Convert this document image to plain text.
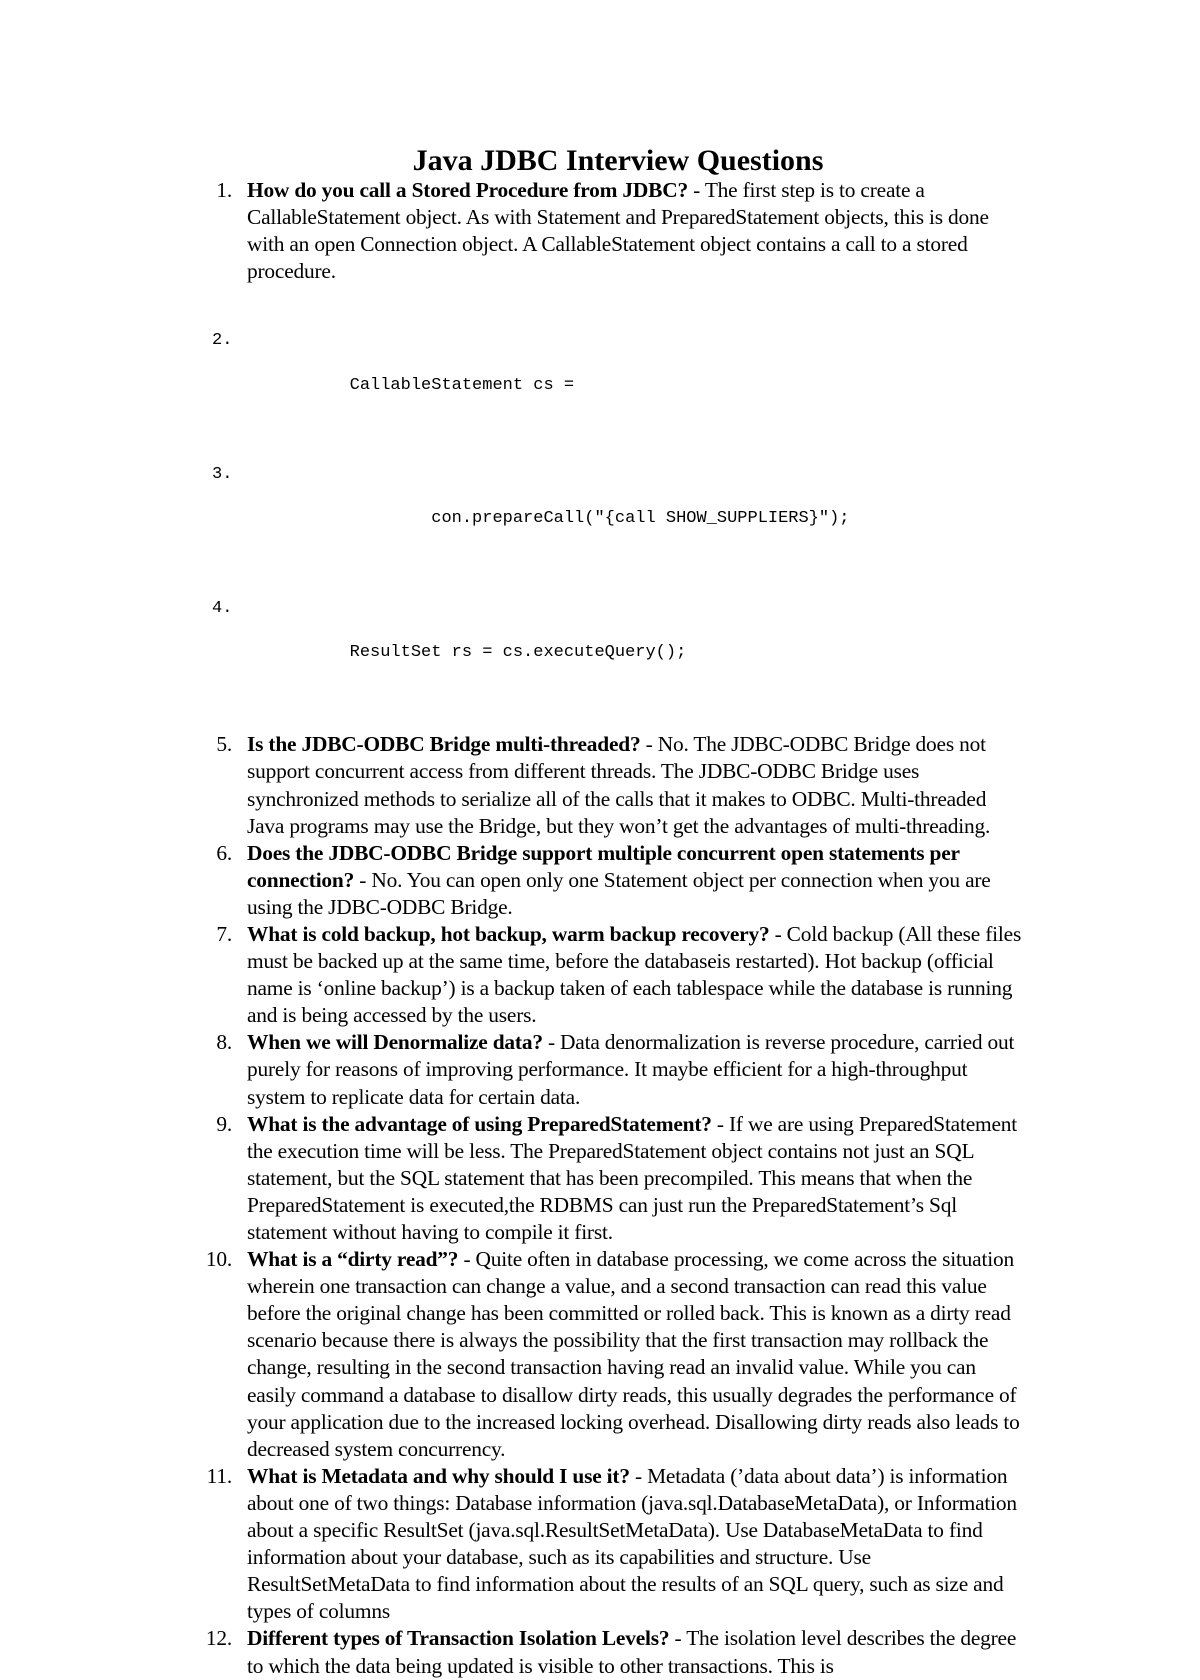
Java JDBC Interview Questions
1. How do you call a Stored Procedure from JDBC? - The first step is to create a CallableStatement object. As with Statement and PreparedStatement objects, this is done with an open Connection object. A CallableStatement object contains a call to a stored procedure.

2.

CallableStatement cs =

3.

con.prepareCall("{call SHOW_SUPPLIERS}");

4.

ResultSet rs = cs.executeQuery();

5. Is the JDBC-ODBC Bridge multi-threaded? - No. The JDBC-ODBC Bridge does not support concurrent access from different threads. The JDBC-ODBC Bridge uses synchronized methods to serialize all of the calls that it makes to ODBC. Multi-threaded Java programs may use the Bridge, but they won’t get the advantages of multi-threading.
6. Does the JDBC-ODBC Bridge support multiple concurrent open statements per connection? - No. You can open only one Statement object per connection when you are using the JDBC-ODBC Bridge.
7. What is cold backup, hot backup, warm backup recovery? - Cold backup (All these files must be backed up at the same time, before the databaseis restarted). Hot backup (official name is ‘online backup’) is a backup taken of each tablespace while the database is running and is being accessed by the users.
8. When we will Denormalize data? - Data denormalization is reverse procedure, carried out purely for reasons of improving performance. It maybe efficient for a high-throughput system to replicate data for certain data.
9. What is the advantage of using PreparedStatement? - If we are using PreparedStatement the execution time will be less. The PreparedStatement object contains not just an SQL statement, but the SQL statement that has been precompiled. This means that when the PreparedStatement is executed,the RDBMS can just run the PreparedStatement’s Sql statement without having to compile it first.
10. What is a “dirty read”? - Quite often in database processing, we come across the situation wherein one transaction can change a value, and a second transaction can read this value before the original change has been committed or rolled back. This is known as a dirty read scenario because there is always the possibility that the first transaction may rollback the change, resulting in the second transaction having read an invalid value. While you can easily command a database to disallow dirty reads, this usually degrades the performance of your application due to the increased locking overhead. Disallowing dirty reads also leads to decreased system concurrency.
11. What is Metadata and why should I use it? - Metadata (’data about data’) is information about one of two things: Database information (java.sql.DatabaseMetaData), or Information about a specific ResultSet (java.sql.ResultSetMetaData). Use DatabaseMetaData to find information about your database, such as its capabilities and structure. Use ResultSetMetaData to find information about the results of an SQL query, such as size and types of columns
12. Different types of Transaction Isolation Levels? - The isolation level describes the degree to which the data being updated is visible to other transactions. This is
